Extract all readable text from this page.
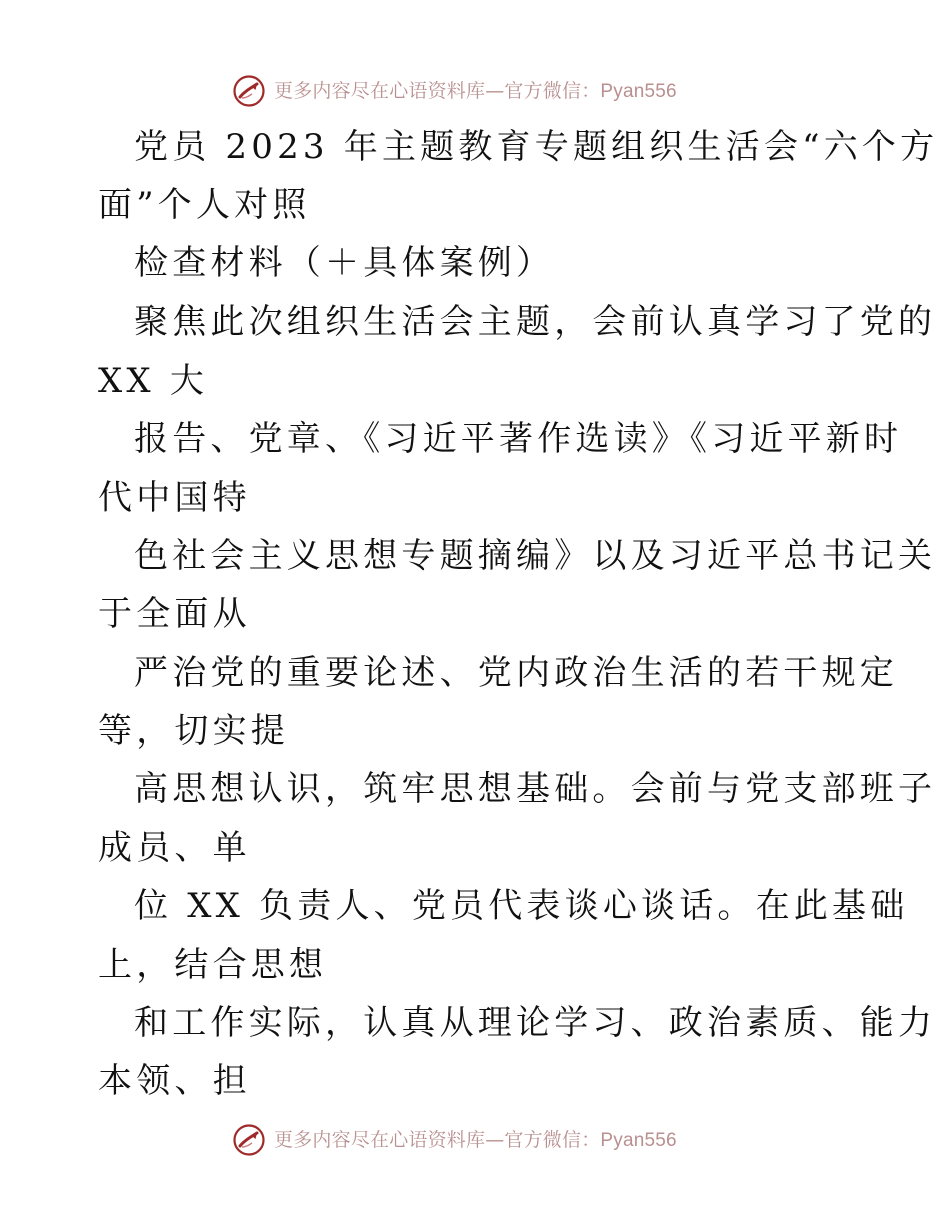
更多内容尽在心语资料库—官方微信： Pyan556

党员 2023 年主题教育专题组织生活会“六个方

面”个人对照

检查材料（＋具体案例）

聚焦此次组织生活会主题，会前认真学习了党的

XX 大

报告、党章、《习近平著作选读》《习近平新时

代中国特

色社会主义思想专题摘编》以及习近平总书记关

于全面从

严治党的重要论述、党内政治生活的若干规定

等，切实提

高思想认识，筑牢思想基础。会前与党支部班子

成员、单

位 XX 负责人、党员代表谈心谈话。在此基础

上，结合思想

和工作实际，认真从理论学习、政治素质、能力

本领、担

更多内容尽在心语资料库—官方微信： Pyan556
